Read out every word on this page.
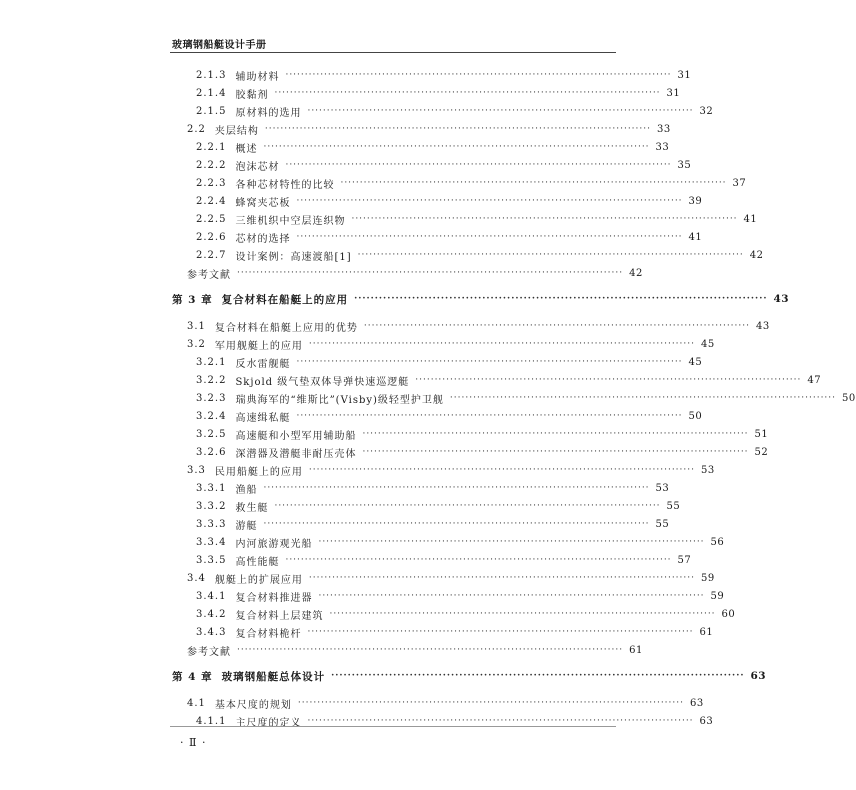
玻璃钢船艇设计手册
2.1.3 辅助材料 ···································································································· 31
2.1.4 胶黏剂 ···································································································· 31
2.1.5 原材料的选用 ···································································································· 32
2.2 夹层结构 ···································································································· 33
2.2.1 概述 ···································································································· 33
2.2.2 泡沫芯材 ···································································································· 35
2.2.3 各种芯材特性的比较 ···································································································· 37
2.2.4 蜂窝夹芯板 ···································································································· 39
2.2.5 三维机织中空层连织物 ···································································································· 41
2.2.6 芯材的选择 ···································································································· 41
2.2.7 设计案例：高速渡船[1] ···································································································· 42
参考文献 ···································································································· 42
第 3 章 复合材料在船艇上的应用 ···································································································· 43
3.1 复合材料在船艇上应用的优势 ···································································································· 43
3.2 军用舰艇上的应用 ···································································································· 45
3.2.1 反水雷舰艇 ···································································································· 45
3.2.2 Skjold 级气垫双体导弹快速巡逻艇 ···································································································· 47
3.2.3 瑞典海军的“维斯比”(Visby)级轻型护卫舰 ···································································································· 50
3.2.4 高速缉私艇 ···································································································· 50
3.2.5 高速艇和小型军用辅助船 ···································································································· 51
3.2.6 深潜器及潜艇非耐压壳体 ···································································································· 52
3.3 民用船艇上的应用 ···································································································· 53
3.3.1 渔船 ···································································································· 53
3.3.2 救生艇 ···································································································· 55
3.3.3 游艇 ···································································································· 55
3.3.4 内河旅游观光船 ···································································································· 56
3.3.5 高性能艇 ···································································································· 57
3.4 舰艇上的扩展应用 ···································································································· 59
3.4.1 复合材料推进器 ···································································································· 59
3.4.2 复合材料上层建筑 ···································································································· 60
3.4.3 复合材料桅杆 ···································································································· 61
参考文献 ···································································································· 61
第 4 章 玻璃钢船艇总体设计 ···································································································· 63
4.1 基本尺度的规划 ···································································································· 63
4.1.1 主尺度的定义 ···································································································· 63
· Ⅱ ·
